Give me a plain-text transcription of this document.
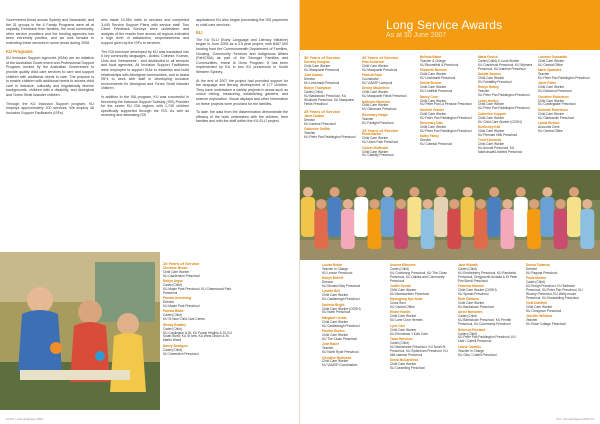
Government Areas across Sydney and Newcastle, and the 31 groups in the 6 Family Programs were all at capacity. Feedback from families, the local community, other service providers and the funding agencies has been extremely positive, and we look forward to extending these services in some areas during 2008.

KU Programs

KU Inclusion Support Agencies (ISAs) are an initiative of the Australian Government and Professional Support Program, funded by the Australian Government to provide quality child care services to care and support children with additional needs in care. The purpose is to enable children with additional needs to access child care in inclusive, culturally and linguistically diverse backgrounds, children with a disability, and Aboriginal and Torres Strait Islander children.

Through the KU Inclusion Support program, KU employs approximately 200 services. We employ 46 Inclusion Support Facilitators (ISFs)

who made 10,564 visits to services and completed 3,445 Service Support Plans with service staff. Two Client Feedback Surveys were undertaken and analysis of the results from across all regions indicated a high level of satisfaction, responsiveness and support given by the ISFs to services.

The ISA brochure developed by KU was translated into 5 key community languages - Arabic, Chinese, Korean, Urdu and Vietnamese - and distributed to all services and local agencies. All Inclusion Support Facilitators were employed to support ISAs to establish and build relationships with Aboriginal communities, and to assist ISFs to work with staff in developing inclusive environments for Aboriginal and Torres Strait Islander children.

In addition to the ISA program, KU was successful in becoming the Inclusion Support Subsidy (ISS) Provider for the seven KU ISA regions with 1,749 children specifically supported through the ISS. As well as receiving and assessing ISS

applications KU also began processing the ISS payments to child care services.

ELI

The KU ELLI (Early Language and Literacy Initiative) began in June 2005 as a 3.5 year project, with $487,000 funding from the Commonwealth Department of Families, Housing, Community Services and Indigenous Affairs (FaHCSIA) as part of the Stronger Families and Communities, Invest to Grow Program. It has been implemented by KU in two KU preschools in South Western Sydney.

At the end of 2007 the project had provided support for the language and literacy development of 177 children. They have undertaken a variety projects in areas such as colour mixing, measuring, establishing gardens, and science exploration. Visual displays and other information on these projects were provided for the families.

To date, the data from the dissemination demonstrate the efficacy of the work undertaken with the children, their families and with the staff within the KU ELLI project.

10 Years of Service
Christine Brown
Child Care Worker
KU Caddendon Preschool
Robyn Argue
Cadet (Child)
KU Maple Park Preschool, KU Charmwood Park Preschool
Pamela Armstrong
Director
KU Maple Park Preschool
Pamela Blake
Cadet (Child)
KU SI Now Child Care Centre
Wendy Bradley
Cadet (Child)
KU Cowlington & St, KU Forest Heights & St, KU South Burra, KU St Ives, KU West Lindon & St Martin Wood
Nancy Brazigere
Cadet (Child)
KU Greenwich Preschool
10 KU • Annual Report 2007
Long Service Awards
As at 30 June 2007
30 Years of Service
Dorothy Douglas
Child Care Worker
KU Macquarie Preschool
Julie Adams
Director
KU Leichhardt Preschool
Robyn Thompson
Cadet (Child)
KU Bankstown Preschool, KU Woollcott Preschool, KU Macquarie Fields Preschool
25 Years of Service
Janet Dobbin
Director
KU Ivanhoe Preschool
Catherine Griffith
Teacher
KU Peter Pan Paddington Preschool
20 Years of Service
Pam Anderson
Child Care Worker
KU Macquarie Preschool
Patricia Rose
Coordinator
KU VIA/ISP Liverpool
Denise McAndrew
Child Care Worker
KU Macquarie Fields Preschool
Kathleen Morrison
Child Care Worker
KU Glenmore Preschool
Rosemary Heape
Teacher
KU Fairlight Preschool
15 Years of Service
Paula Barker
Child Care Worker
KU Union Park Preschool
Colleen Bullivant
Child Care Worker
KU Cabbilly Preschool
Belinda Baker
Teacher & Charge
KU Bloomfield & Preschool
Elizabeth Bunnon
Child Care Worker
KU Leichhardt Preschool
Dahlia Bonner
Child Care Worker
KU Lindfield Preschool
Nancy Coor
Child Care Worker
KU Peter Pan La Perouse Preschool
Danielle Gunkel
Child Care Worker
KU Peter Pan Paddington Preschool
Rosemary Dale
Child Care Worker
KU Peter Pan Paddington Preschool
Kathy Fancy
Director
KU Cottesal Preschool
Maria Dovich
Cadet (Child) & Local Worker
KU Cranbrook Preschool, KU Wymera Preschool, KU Ivanhoe Preschool
Sanjita Sayano
Child Care Worker
KU Fairfaffey Preschool
Robyn Halsey
Teacher
KU Peter Pan Paddington Preschool
Leslie Hartley
Child Care Worker
KU Peter Pan Paddington Preschool
Catherine Kuppett
Child Care Worker
KU Child Care Worker (OOSH)
Kimberley Kibi
Child Care Worker
KU Pennant Hills Preschool
Trudi Edmonds
Child Care Worker
KU Annual Preschool, KU Marrickvale/Lindfield Preschool
Lorraine Dounaidis
Child Care Worker
KU Central Office
Marie Sparades
Teacher
KU Peter Pan Paddington Preschool
Janet Potter
Child Care Worker
KU Earlwood Preschool
Christine Robertson
Child Care Worker
KU Cowlingdale Preschool
Deborah Robertson
Child Care Worker
KU Gladesville Preschool
Lynda Welson
Accounts Clerk
KU Central Office
Louise Butler
Teacher in Charge
KU Leonor Preschool
Robyn Birkett
Director
KU Monash Bay Preschool
Lynette Bell
Child Care Worker
KU Castlereagh Preschool
Danielle Bright
Child Care Worker (OOSH)
KU North Preschool
Margaret Corbin
Child Care Worker
KU Castlereagh Preschool
Pauline Burton
Child Care Worker
KU The Cluan Preschool
Julie Baker
Teacher
KU North Ryde Preschool
Christine Bratiessa
Child Care Worker
KU VIA/ISP Coordination
Andrea Elbourne
Cadet (Child)
KU Cootbrong Preschool, KU The Cluan Preschool, KU Oaklea and Community Preschool
Judith Gerald
Child Care Worker
KU Marnworthen Preschool
Myongjang Hyo Sook
Cross Sect
KU Central Office
Elaine Hunter
Child Care Worker
KU Lane Cove Hermes
Lynn Carr
Child Care Worker
KU Erinnshaw 1 Kids Care
Tania Harvison
Cadet (Child)
KU Marrickvale Preschool, KU North St Preschool, KU Sydenham Preschool, KU Mid-valence Preschool
Diana McCandless
Child Care Worker
KU Coraniting Preschool
Jane Michalk
Cadet (Child)
KU Enshinkerry Preschool, KU Randwick Preschool, Gregyworth Arcadia & St Peter Pan Bondi Preschool
Francine Mizsmil
Child Care Worker (OOSH)
KU Spirato Preschool
Ruth Gibbons
Child Care Worker
KU Bankstown Preschool
Annie Mohamen
Cadet (Child)
KU Bankstown Preschool, KU Penrith Preschool, KU Community Preschool
Rebecca Freeland
Cadet (Child)
KU Peter Pan Paddington Preschool, KU Lisle / Cabrill Preschool
Laurie Cantello
Teacher in Charge
KU Girls / Cabrill Preschool
Donna Tubanka
Director
KU Pagona Preschool
Paula Morton
Cadet (Child)
KU Enrigh Preschool, KU Bellmont Preschool, KU Peter Pan Preschool, KU Woonly Preschool, KU Welly mount Preschool, KU Kirrawelling Preschool
Vicki Dunfield
Child Care Worker
KU Crosgrove Preschool
Jennifer Williams
Teacher
KU Rose Cottage Preschool
KU • Annual Report 2007 11
